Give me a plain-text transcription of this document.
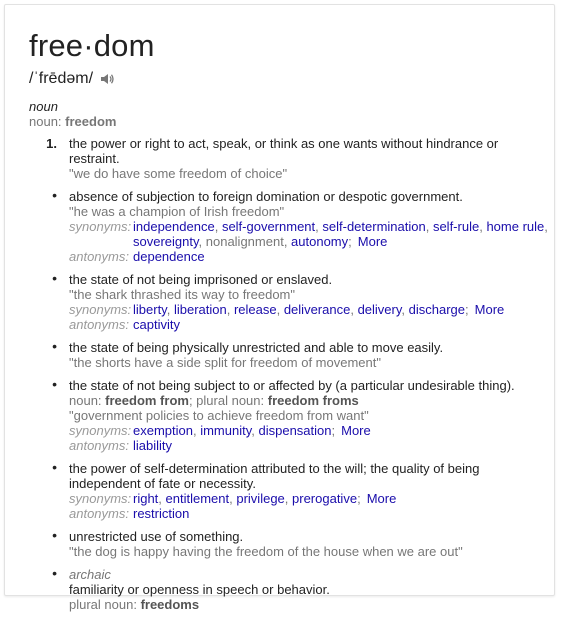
free·dom
/ˈfrēdəm/
noun
noun: freedom
1. the power or right to act, speak, or think as one wants without hindrance or restraint.
"we do have some freedom of choice"
• absence of subjection to foreign domination or despotic government.
"he was a champion of Irish freedom"
synonyms: independence, self-government, self-determination, self-rule, home rule, sovereignty, nonalignment, autonomy; More
antonyms: dependence
• the state of not being imprisoned or enslaved.
"the shark thrashed its way to freedom"
synonyms: liberty, liberation, release, deliverance, delivery, discharge; More
antonyms: captivity
• the state of being physically unrestricted and able to move easily.
"the shorts have a side split for freedom of movement"
• the state of not being subject to or affected by (a particular undesirable thing).
noun: freedom from; plural noun: freedom froms
"government policies to achieve freedom from want"
synonyms: exemption, immunity, dispensation; More
antonyms: liability
• the power of self-determination attributed to the will; the quality of being independent of fate or necessity.
synonyms: right, entitlement, privilege, prerogative; More
antonyms: restriction
• unrestricted use of something.
"the dog is happy having the freedom of the house when we are out"
• archaic
familiarity or openness in speech or behavior.
plural noun: freedoms
